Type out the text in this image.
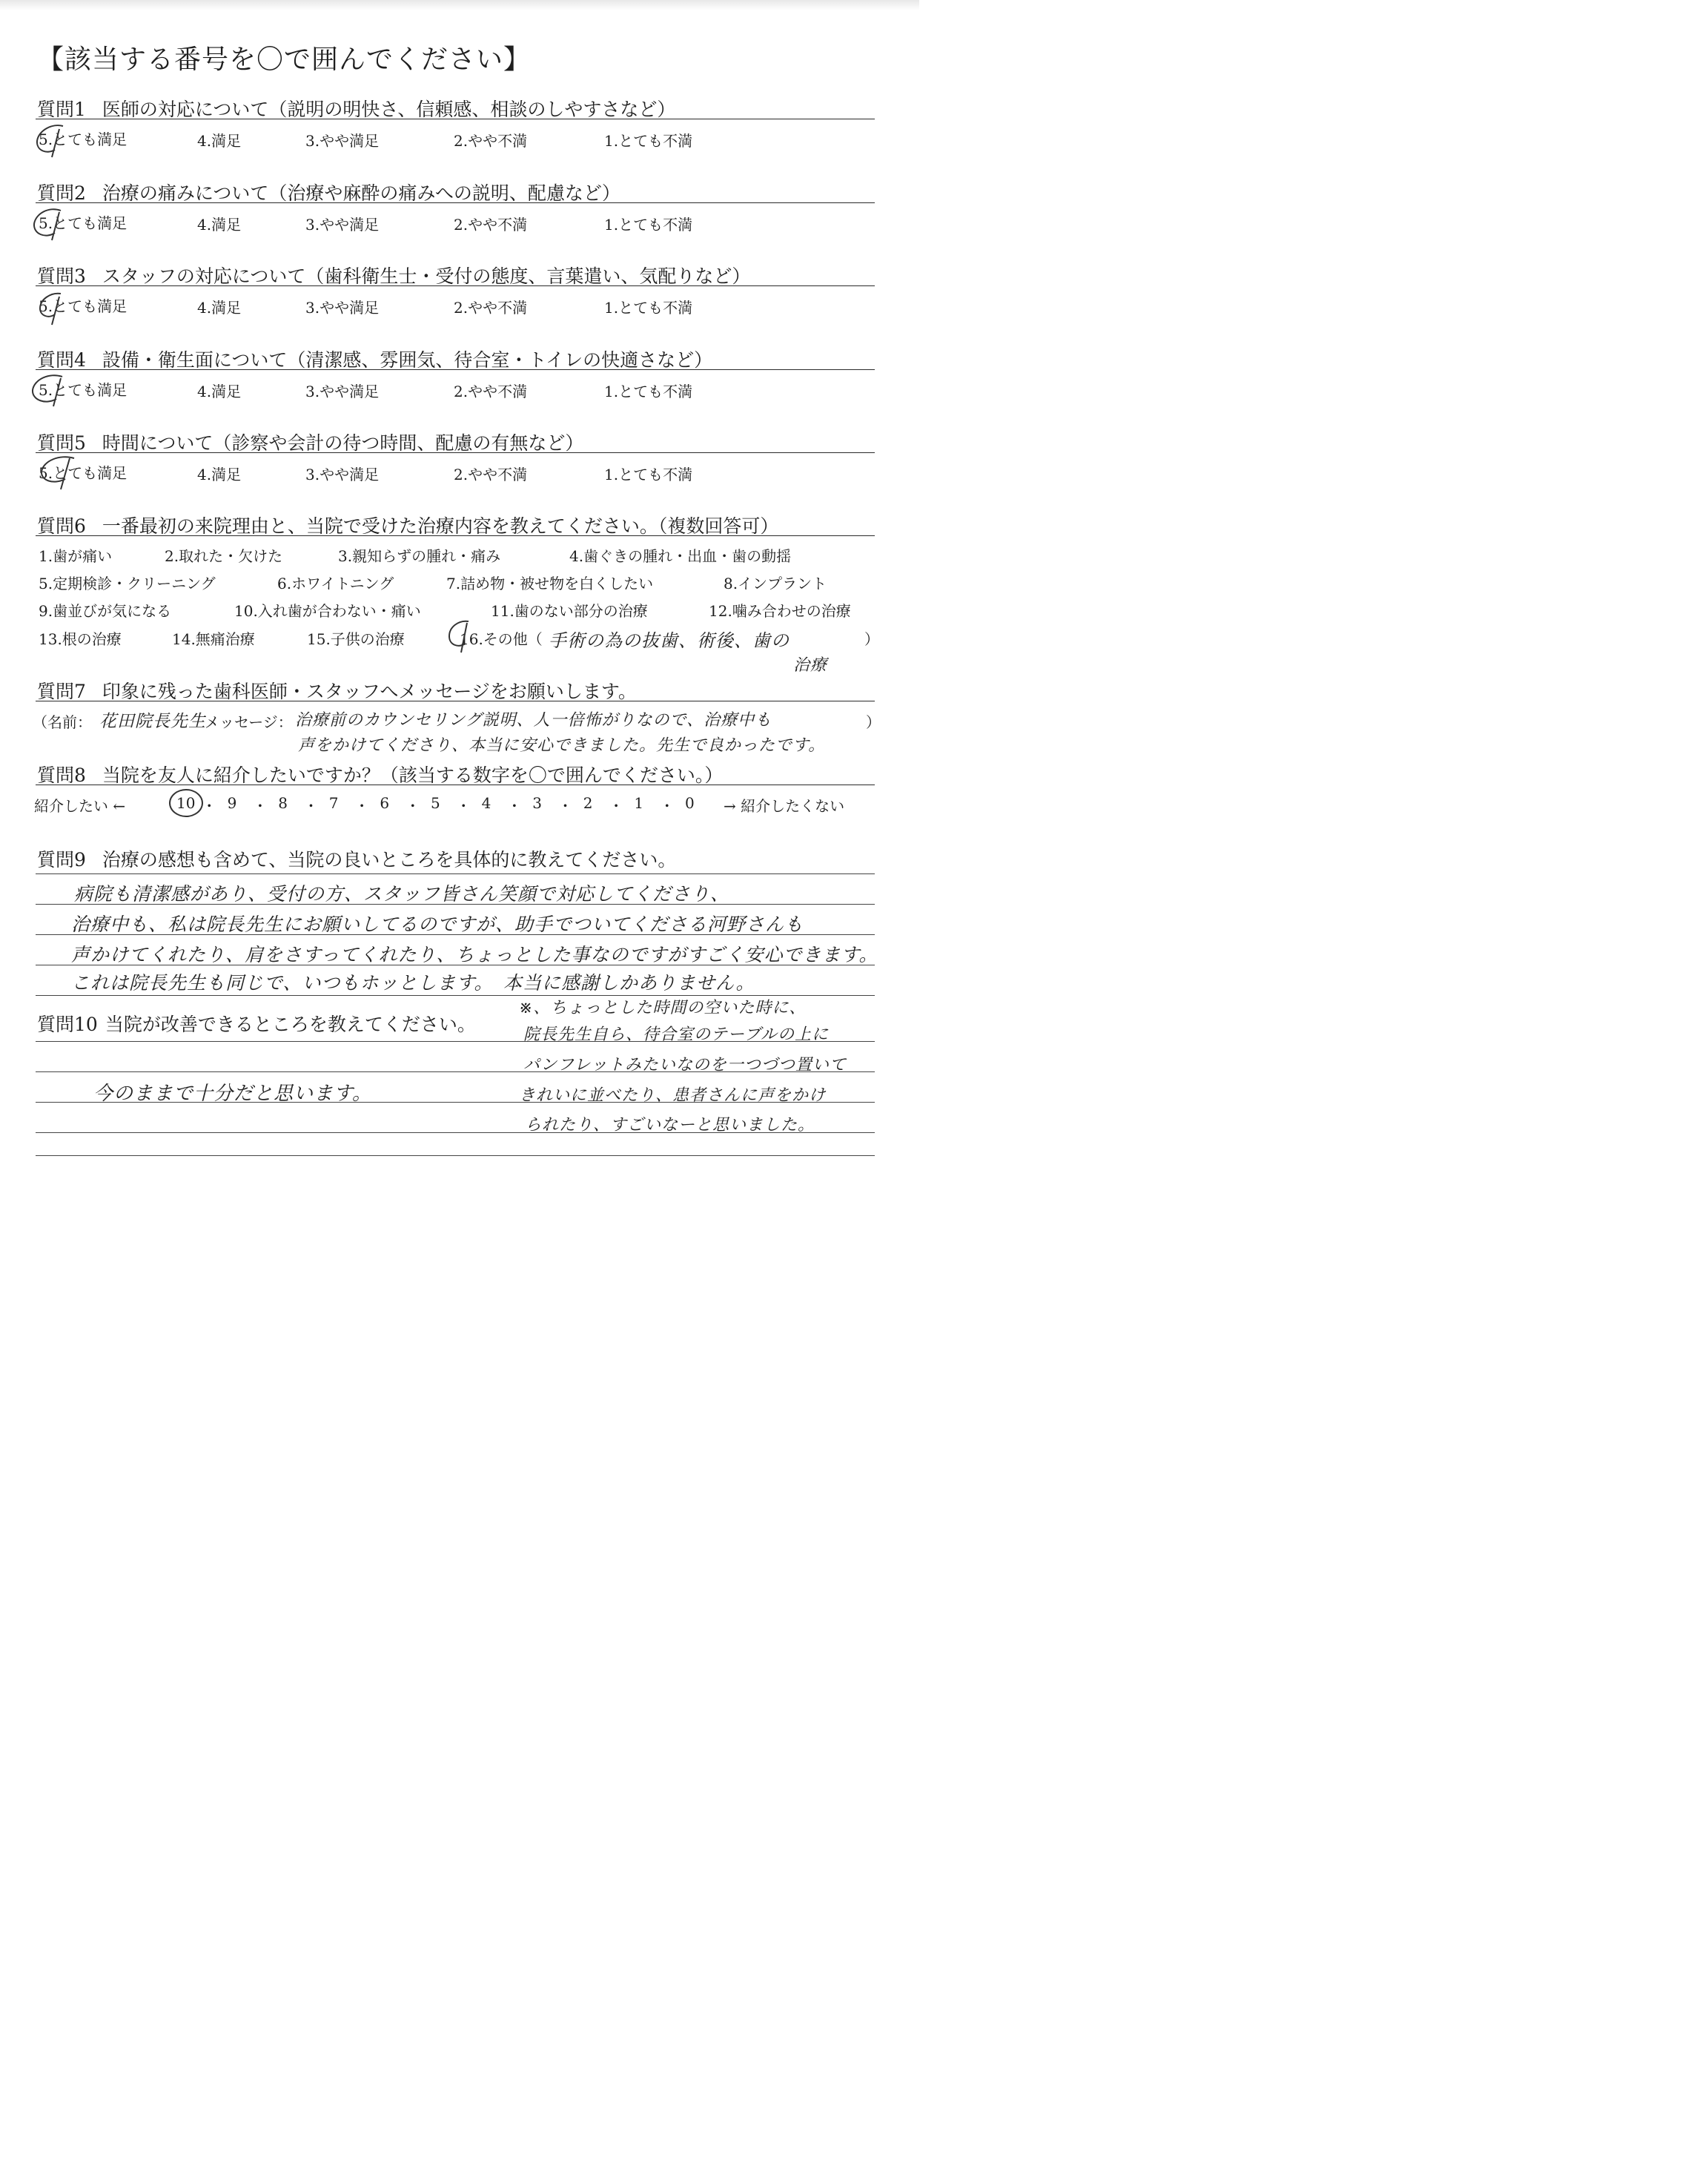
【該当する番号を〇で囲んでください】
質問1 医師の対応について（説明の明快さ、信頼感、相談のしやすさなど）
5.とても満足	4.満足	3.やや満足	2.やや不満	1.とても不満
質問2 治療の痛みについて（治療や麻酔の痛みへの説明、配慮など）
5.とても満足	4.満足	3.やや満足	2.やや不満	1.とても不満
質問3 スタッフの対応について（歯科衛生士・受付の態度、言葉遣い、気配りなど）
5.とても満足	4.満足	3.やや満足	2.やや不満	1.とても不満
質問4 設備・衛生面について（清潔感、雰囲気、待合室・トイレの快適さなど）
5.とても満足	4.満足	3.やや満足	2.やや不満	1.とても不満
質問5 時間について（診察や会計の待つ時間、配慮の有無など）
5.とても満足	4.満足	3.やや満足	2.やや不満	1.とても不満
質問6 一番最初の来院理由と、当院で受けた治療内容を教えてください。（複数回答可）
1.歯が痛い	2.取れた・欠けた	3.親知らずの腫れ・痛み	4.歯ぐきの腫れ・出血・歯の動揺
5.定期検診・クリーニング	6.ホワイトニング	7.詰め物・被せ物を白くしたい	8.インプラント
9.歯並びが気になる	10.入れ歯が合わない・痛い	11.歯のない部分の治療	12.噛み合わせの治療
13.根の治療	14.無痛治療	15.子供の治療	16.その他（ 手術の為の抜歯、術後、歯の	）
治療
質問7 印象に残った歯科医師・スタッフへメッセージをお願いします。
（名前： 花田院長先生
メッセージ： 治療前のカウンセリング説明、人一倍怖がりなので、治療中も	）
声をかけてくださり、本当に安心できました。先生で良かったです。
質問8 当院を友人に紹介したいですか？（該当する数字を〇で囲んでください。）
紹介したい ←	10 ・ 9 ・ 8 ・ 7 ・ 6 ・ 5 ・ 4 ・ 3 ・ 2 ・ 1 ・ 0 → 紹介したくない
質問9 治療の感想も含めて、当院の良いところを具体的に教えてください。
病院も清潔感があり、受付の方、スタッフ皆さん笑顔で対応してくださり、
治療中も、私は院長先生にお願いしてるのですが、助手でついてくださる河野さんも
声かけてくれたり、肩をさすってくれたり、ちょっとした事なのですがすごく安心できます。
これは院長先生も同じで、いつもホッとします。　本当に感謝しかありません。
質問10 当院が改善できるところを教えてください。
今のままで十分だと思います。
※、ちょっとした時間の空いた時に、
院長先生自ら、待合室のテーブルの上に
パンフレットみたいなのを一つづつ置いて
きれいに並べたり、患者さんに声をかけ
られたり、すごいなーと思いました。
